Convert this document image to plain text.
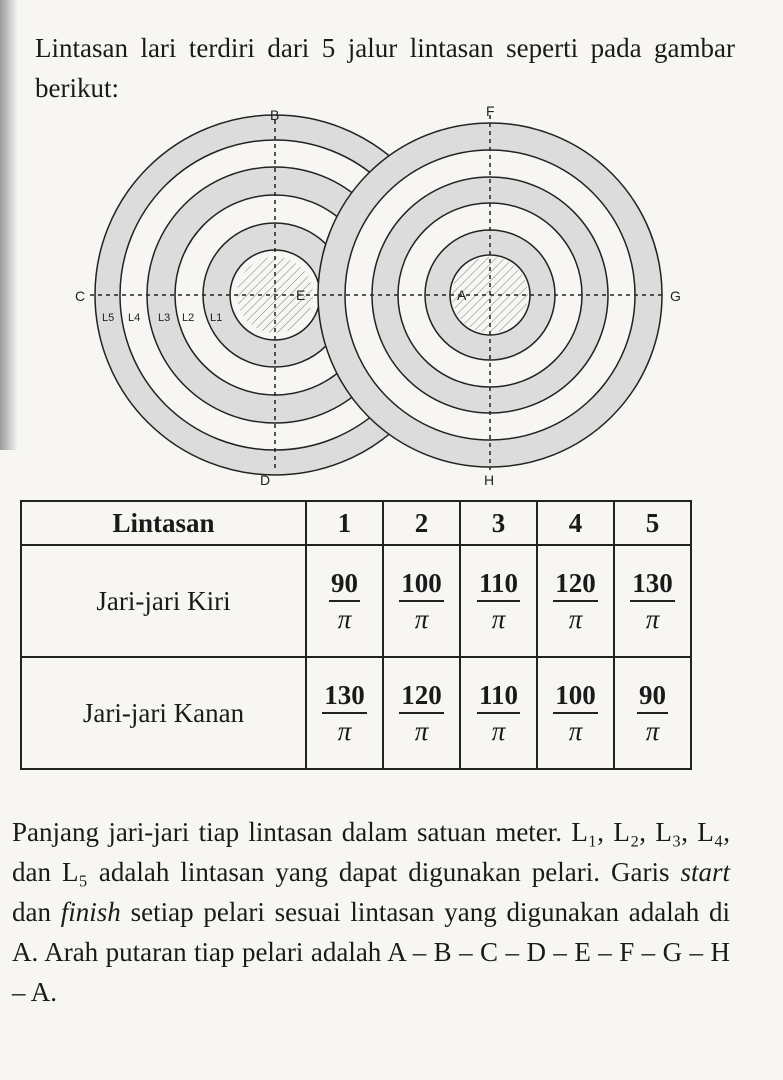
Lintasan lari terdiri dari 5 jalur lintasan seperti pada gambar berikut:
B	F
C	E	A	G
D	H
L5 L4 L3 L2 L1
Lintasan	1	2	3	4	5
Jari-jari Kiri	$\frac{90}{\pi}$	$\frac{100}{\pi}$	$\frac{110}{\pi}$	$\frac{120}{\pi}$	$\frac{130}{\pi}$

Jari-jari Kanan	$\frac{130}{\pi}$	$\frac{120}{\pi}$	$\frac{110}{\pi}$	$\frac{100}{\pi}$	$\frac{90}{\pi}$
Panjang jari-jari tiap lintasan dalam satuan meter. L₁, L₂, L₃, L₄, dan L₅ adalah lintasan yang dapat digunakan pelari. Garis start dan finish setiap pelari sesuai lintasan yang digunakan adalah di A. Arah putaran tiap pelari adalah A – B – C – D – E – F – G – H – A.
